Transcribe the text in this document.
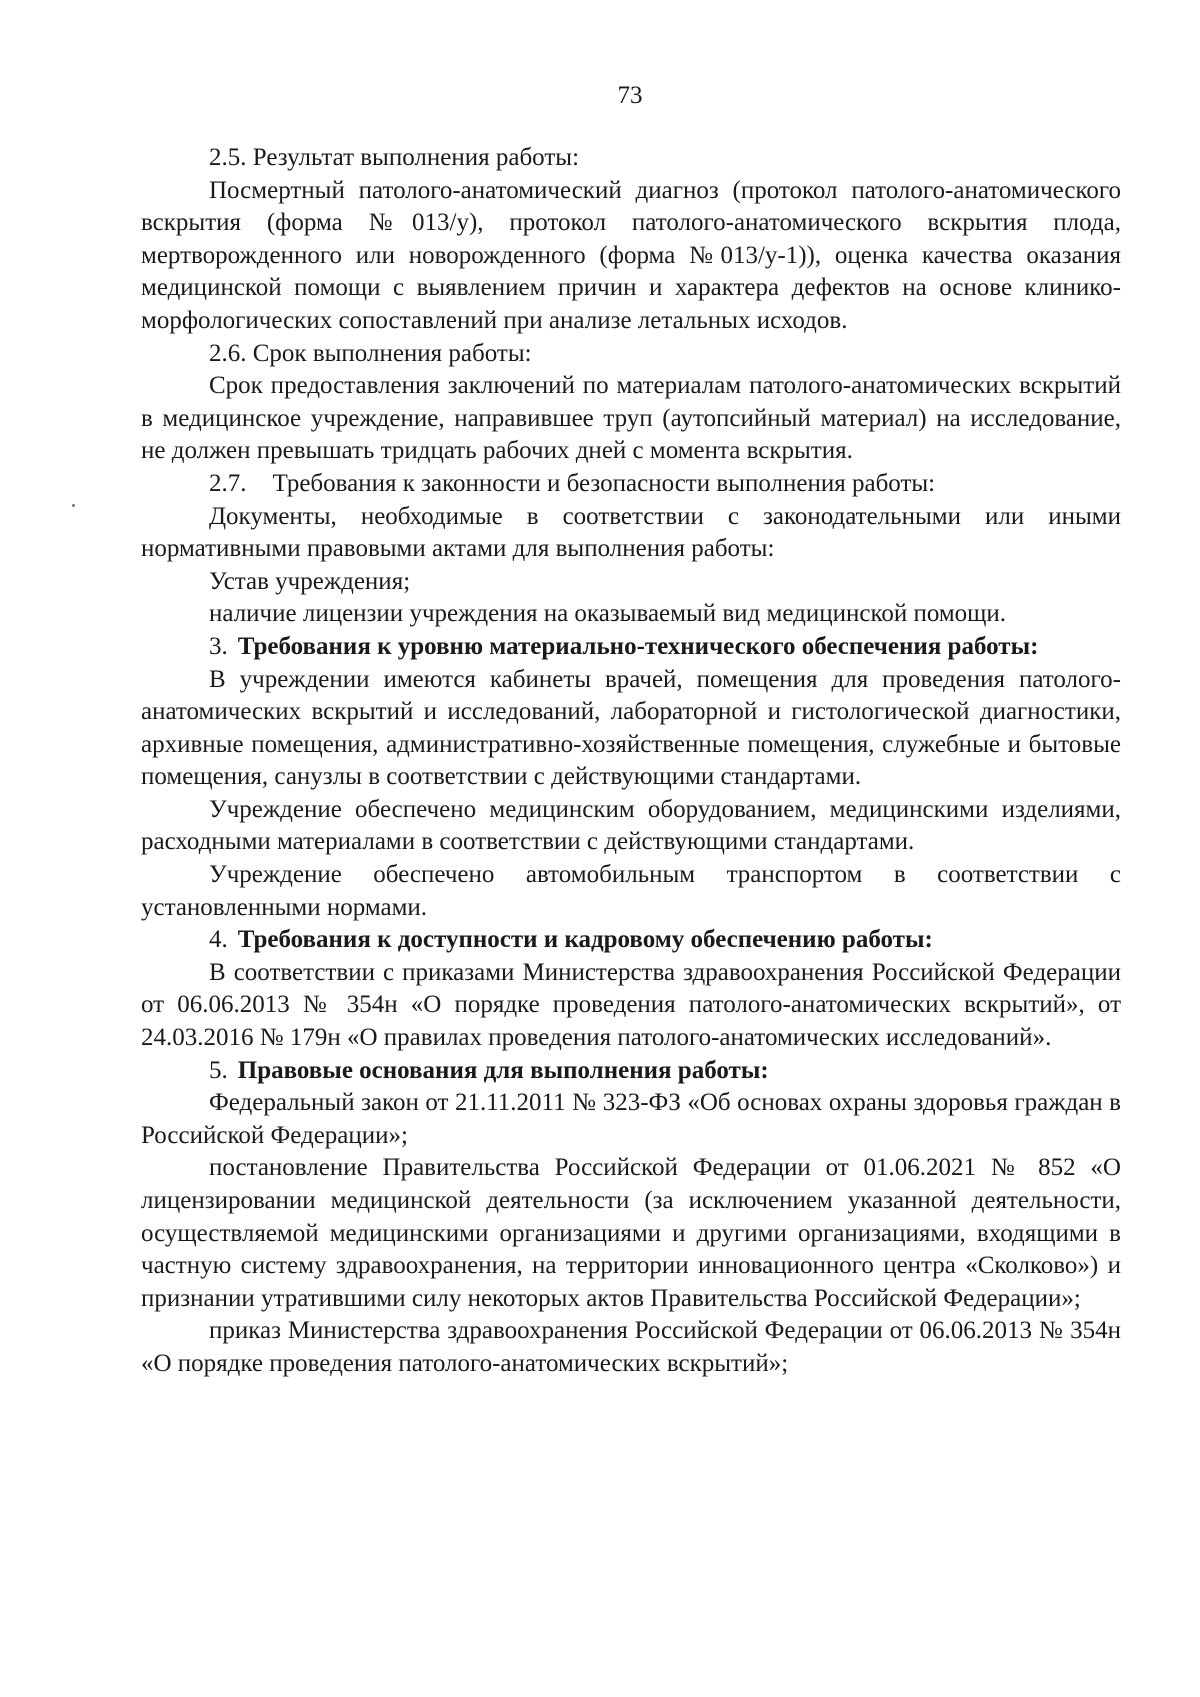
73

2.5. Результат выполнения работы:

Посмертный патолого-анатомический диагноз (протокол патолого-анатомического вскрытия (форма №013/у), протокол патолого-анатомического вскрытия плода, мертворожденного или новорожденного (форма №013/у-1)), оценка качества оказания медицинской помощи с выявлением причин и характера дефектов на основе клинико-морфологических сопоставлений при анализе летальных исходов.

2.6. Срок выполнения работы:

Срок предоставления заключений по материалам патолого-анатомических вскрытий в медицинское учреждение, направившее труп (аутопсийный материал) на исследование, не должен превышать тридцать рабочих дней с момента вскрытия.

2.7. Требования к законности и безопасности выполнения работы:

Документы, необходимые в соответствии с законодательными или иными нормативными правовыми актами для выполнения работы:

Устав учреждения;

наличие лицензии учреждения на оказываемый вид медицинской помощи.

3. Требования к уровню материально-технического обеспечения работы:

В учреждении имеются кабинеты врачей, помещения для проведения патолого-анатомических вскрытий и исследований, лабораторной и гистологической диагностики, архивные помещения, административно-хозяйственные помещения, служебные и бытовые помещения, санузлы в соответствии с действующими стандартами.

Учреждение обеспечено медицинским оборудованием, медицинскими изделиями, расходными материалами в соответствии с действующими стандартами.

Учреждение обеспечено автомобильным транспортом в соответствии с установленными нормами.

4. Требования к доступности и кадровому обеспечению работы:

В соответствии с приказами Министерства здравоохранения Российской Федерации от 06.06.2013 № 354н «О порядке проведения патолого-анатомических вскрытий», от 24.03.2016 № 179н «О правилах проведения патолого-анатомических исследований».

5. Правовые основания для выполнения работы:

Федеральный закон от 21.11.2011 № 323-ФЗ «Об основах охраны здоровья граждан в Российской Федерации»;

постановление Правительства Российской Федерации от 01.06.2021 № 852 «О лицензировании медицинской деятельности (за исключением указанной деятельности, осуществляемой медицинскими организациями и другими организациями, входящими в частную систему здравоохранения, на территории инновационного центра «Сколково») и признании утратившими силу некоторых актов Правительства Российской Федерации»;

приказ Министерства здравоохранения Российской Федерации от 06.06.2013 № 354н «О порядке проведения патолого-анатомических вскрытий»;
